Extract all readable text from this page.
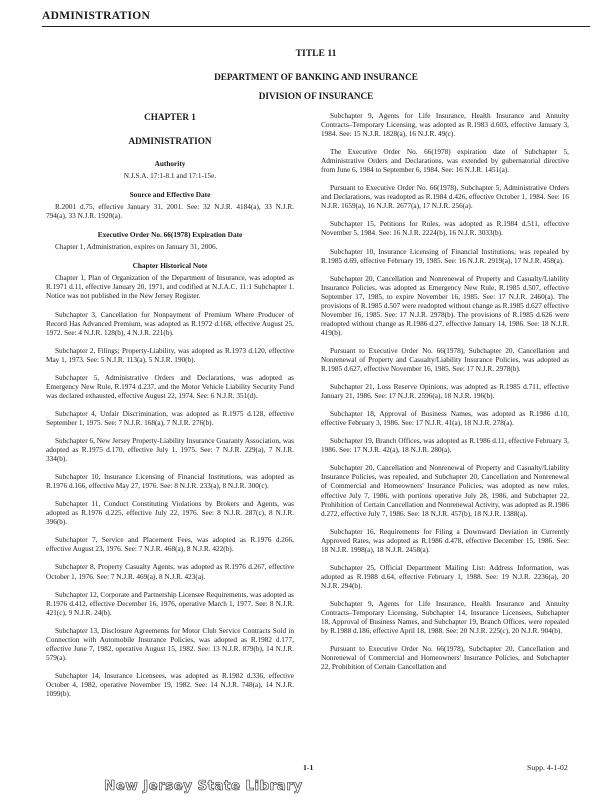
ADMINISTRATION
TITLE 11
DEPARTMENT OF BANKING AND INSURANCE
DIVISION OF INSURANCE
CHAPTER 1
ADMINISTRATION
Authority

N.J.S.A. 17:1-8.1 and 17:1-15e.

Source and Effective Date

R.2001 d.75, effective January 31, 2001. See: 32 N.J.R. 4184(a), 33 N.J.R. 794(a), 33 N.J.R. 1920(a).

Executive Order No. 66(1978) Expiration Date

Chapter 1, Administration, expires on January 31, 2006.

Chapter Historical Note

Chapter 1, Plan of Organization of the Department of Insurance, was adopted as R.1971 d.11, effective January 20, 1971, and codified at N.J.A.C. 11:1 Subchapter 1. Notice was not published in the New Jersey Register.

Subchapter 3, Cancellation for Nonpayment of Premium Where Producer of Record Has Advanced Premium, was adopted as R.1972 d.168, effective August 25, 1972. See: 4 N.J.R. 128(b), 4 N.J.R. 221(b).

Subchapter 2, Filings; Property-Liability, was adopted as R.1973 d.120, effective May 1, 1973. See: 5 N.J.R. 113(a), 5 N.J.R. 190(b).

Subchapter 5, Administrative Orders and Declarations, was adopted as Emergency New Rule, R.1974 d.237, and the Motor Vehicle Liability Security Fund was declared exhausted, effective August 22, 1974. See: 6 N.J.R. 351(d).

Subchapter 4, Unfair Discrimination, was adopted as R.1975 d.128, effective September 1, 1975. See: 7 N.J.R. 168(a), 7 N.J.R. 276(b).

Subchapter 6, New Jersey Property-Liability Insurance Guaranty Association, was adopted as R.1975 d.170, effective July 1, 1975. See: 7 N.J.R. 229(a), 7 N.J.R. 334(b).

Subchapter 10, Insurance Licensing of Financial Institutions, was adopted as R.1976 d.166, effective May 27, 1976. See: 8 N.J.R. 233(a), 8 N.J.R. 300(c).

Subchapter 11, Conduct Constituting Violations by Brokers and Agents, was adopted as R.1976 d.225, effective July 22, 1976. See: 8 N.J.R. 287(c), 8 N.J.R. 396(b).

Subchapter 7, Service and Placement Fees, was adopted as R.1976 d.266, effective August 23, 1976. See: 7 N.J.R. 468(a), 8 N.J.R. 422(b).

Subchapter 8, Property Casualty Agents, was adopted as R.1976 d.267, effective October 1, 1976. See: 7 N.J.R. 469(a), 8 N.J.R. 423(a).

Subchapter 12, Corporate and Partnership Licensee Requirements, was adopted as R.1976 d.412, effective December 16, 1976, operative March 1, 1977. See: 8 N.J.R. 421(c), 9 N.J.R. 24(b).

Subchapter 13, Disclosure Agreements for Motor Club Service Contracts Sold in Connection with Automobile Insurance Policies, was adopted as R.1982 d.177, effective June 7, 1982, operative August 15, 1982. See: 13 N.J.R. 879(b), 14 N.J.R. 579(a).

Subchapter 14, Insurance Licensees, was adopted as R.1982 d.336, effective October 4, 1982, operative November 19, 1982. See: 14 N.J.R. 748(a), 14 N.J.R. 1099(b).

Subchapter 9, Agents for Life Insurance, Health Insurance and Annuity Contracts–Temporary Licensing, was adopted as R.1983 d.603, effective January 3, 1984. See: 15 N.J.R. 1828(a), 16 N.J.R. 49(c).

The Executive Order No. 66(1978) expiration date of Subchapter 5, Administrative Orders and Declarations, was extended by gubernatorial directive from June 6, 1984 to September 6, 1984. See: 16 N.J.R. 1451(a).

Pursuant to Executive Order No. 66(1978), Subchapter 5, Administrative Orders and Declarations, was readopted as R.1984 d.426, effective October 1, 1984. See: 16 N.J.R. 1659(a), 16 N.J.R. 2677(a), 17 N.J.R. 256(a).

Subchapter 15, Petitions for Rules, was adopted as R.1984 d.511, effective November 5, 1984. See: 16 N.J.R. 2224(b), 16 N.J.R. 3033(b).

Subchapter 10, Insurance Licensing of Financial Institutions, was repealed by R.1985 d.69, effective February 19, 1985. See: 16 N.J.R. 2919(a), 17 N.J.R. 458(a).

Subchapter 20, Cancellation and Nonrenewal of Property and Casualty/Liability Insurance Policies, was adopted as Emergency New Rule, R.1985 d.507, effective September 17, 1985, to expire November 16, 1985. See: 17 N.J.R. 2460(a). The provisions of R.1985 d.507 were readopted without change as R.1985 d.627 effective November 16, 1985. See: 17 N.J.R. 2978(b). The provisions of R.1985 d.626 were readopted without change as R.1986 d.27, effective January 14, 1986. See: 18 N.J.R. 419(b).

Pursuant to Executive Order No. 66(1978), Subchapter 20, Cancellation and Nonrenewal of Property and Casualty/Liability Insurance Policies, was adopted as R.1985 d.627, effective November 16, 1985. See: 17 N.J.R. 2978(b).

Subchapter 21, Loss Reserve Opinions, was adopted as R.1985 d.711, effective January 21, 1986. See: 17 N.J.R. 2596(a), 18 N.J.R. 196(b).

Subchapter 18, Approval of Business Names, was adopted as R.1986 d.10, effective February 3, 1986. See: 17 N.J.R. 41(a), 18 N.J.R. 278(a).

Subchapter 19, Branch Offices, was adopted as R.1986 d.11, effective February 3, 1986. See: 17 N.J.R. 42(a), 18 N.J.R. 280(a).

Subchapter 20, Cancellation and Nonrenewal of Property and Casualty/Liability Insurance Policies, was repealed, and Subchapter 20, Cancellation and Nonrenewal of Commercial and Homeowners' Insurance Policies, was adopted as new rules, effective July 7, 1986, with portions operative July 28, 1986, and Subchapter 22, Prohibition of Certain Cancellation and Nonrenewal Activity, was adopted as R.1986 d.272, effective July 7, 1986. See: 18 N.J.R. 457(b), 18 N.J.R. 1388(a).

Subchapter 16, Requirements for Filing a Downward Deviation in Currently Approved Rates, was adopted as R.1986 d.478, effective December 15, 1986. See: 18 N.J.R. 1998(a), 18 N.J.R. 2458(a).

Subchapter 25, Official Department Mailing List: Address Information, was adopted as R.1988 d.64, effective February 1, 1988. See: 19 N.J.R. 2236(a), 20 N.J.R. 294(b).

Subchapter 9, Agents for Life Insurance, Health Insurance and Annuity Contracts–Temporary Licensing, Subchapter 14, Insurance Licensees, Subchapter 18, Approval of Business Names, and Subchapter 19, Branch Offices, were repealed by R.1988 d.186, effective April 18, 1988. See: 20 N.J.R. 225(c), 20 N.J.R. 904(b).

Pursuant to Executive Order No. 66(1978), Subchapter 20, Cancellation and Nonrenewal of Commercial and Homeowners' Insurance Policies, and Subchapter 22, Prohibition of Certain Cancellation and

1-1	Supp. 4-1-02
New Jersey State Library
